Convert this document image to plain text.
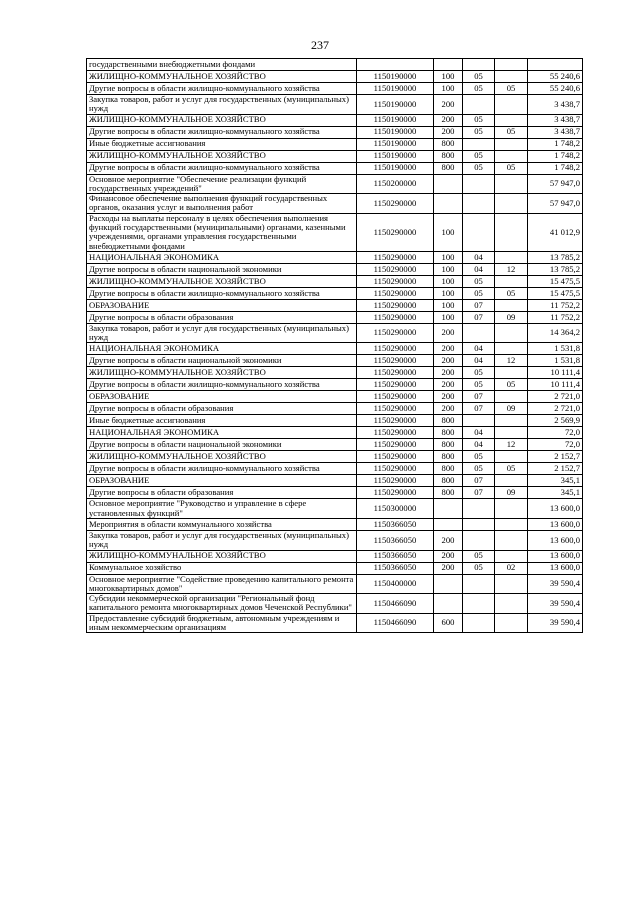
237
государственными внебюджетными фондами					
ЖИЛИЩНО-КОММУНАЛЬНОЕ ХОЗЯЙСТВО	1150190000	100	05		55 240,6
Другие вопросы в области жилищно-коммунального хозяйства	1150190000	100	05	05	55 240,6
Закупка товаров, работ и услуг для государственных (муниципальных) нужд	1150190000	200			3 438,7
ЖИЛИЩНО-КОММУНАЛЬНОЕ ХОЗЯЙСТВО	1150190000	200	05		3 438,7
Другие вопросы в области жилищно-коммунального хозяйства	1150190000	200	05	05	3 438,7
Иные бюджетные ассигнования	1150190000	800			1 748,2
ЖИЛИЩНО-КОММУНАЛЬНОЕ ХОЗЯЙСТВО	1150190000	800	05		1 748,2
Другие вопросы в области жилищно-коммунального хозяйства	1150190000	800	05	05	1 748,2
Основное мероприятие "Обеспечение реализации функций государственных учреждений"	1150200000				57 947,0
Финансовое обеспечение выполнения функций государственных органов, оказания услуг и выполнения работ	1150290000				57 947,0
Расходы на выплаты персоналу в целях обеспечения выполнения функций государственными (муниципальными) органами, казенными учреждениями, органами управления государственными внебюджетными фондами	1150290000	100			41 012,9
НАЦИОНАЛЬНАЯ ЭКОНОМИКА	1150290000	100	04		13 785,2
Другие вопросы в области национальной экономики	1150290000	100	04	12	13 785,2
ЖИЛИЩНО-КОММУНАЛЬНОЕ ХОЗЯЙСТВО	1150290000	100	05		15 475,5
Другие вопросы в области жилищно-коммунального хозяйства	1150290000	100	05	05	15 475,5
ОБРАЗОВАНИЕ	1150290000	100	07		11 752,2
Другие вопросы в области образования	1150290000	100	07	09	11 752,2
Закупка товаров, работ и услуг для государственных (муниципальных) нужд	1150290000	200			14 364,2
НАЦИОНАЛЬНАЯ ЭКОНОМИКА	1150290000	200	04		1 531,8
Другие вопросы в области национальной экономики	1150290000	200	04	12	1 531,8
ЖИЛИЩНО-КОММУНАЛЬНОЕ ХОЗЯЙСТВО	1150290000	200	05		10 111,4
Другие вопросы в области жилищно-коммунального хозяйства	1150290000	200	05	05	10 111,4
ОБРАЗОВАНИЕ	1150290000	200	07		2 721,0
Другие вопросы в области образования	1150290000	200	07	09	2 721,0
Иные бюджетные ассигнования	1150290000	800			2 569,9
НАЦИОНАЛЬНАЯ ЭКОНОМИКА	1150290000	800	04		72,0
Другие вопросы в области национальной экономики	1150290000	800	04	12	72,0
ЖИЛИЩНО-КОММУНАЛЬНОЕ ХОЗЯЙСТВО	1150290000	800	05		2 152,7
Другие вопросы в области жилищно-коммунального хозяйства	1150290000	800	05	05	2 152,7
ОБРАЗОВАНИЕ	1150290000	800	07		345,1
Другие вопросы в области образования	1150290000	800	07	09	345,1
Основное мероприятие "Руководство и управление в сфере установленных функций"	1150300000				13 600,0
Мероприятия в области коммунального хозяйства	1150366050				13 600,0
Закупка товаров, работ и услуг для государственных (муниципальных) нужд	1150366050	200			13 600,0
ЖИЛИЩНО-КОММУНАЛЬНОЕ ХОЗЯЙСТВО	1150366050	200	05		13 600,0
Коммунальное хозяйство	1150366050	200	05	02	13 600,0
Основное мероприятие "Содействие проведению капитального ремонта многоквартирных домов"	1150400000				39 590,4
Субсидии некоммерческой организации "Региональный фонд капитального ремонта многоквартирных домов Чеченской Республики"	1150466090				39 590,4
Предоставление субсидий бюджетным, автономным учреждениям и иным некоммерческим организациям	1150466090	600			39 590,4
